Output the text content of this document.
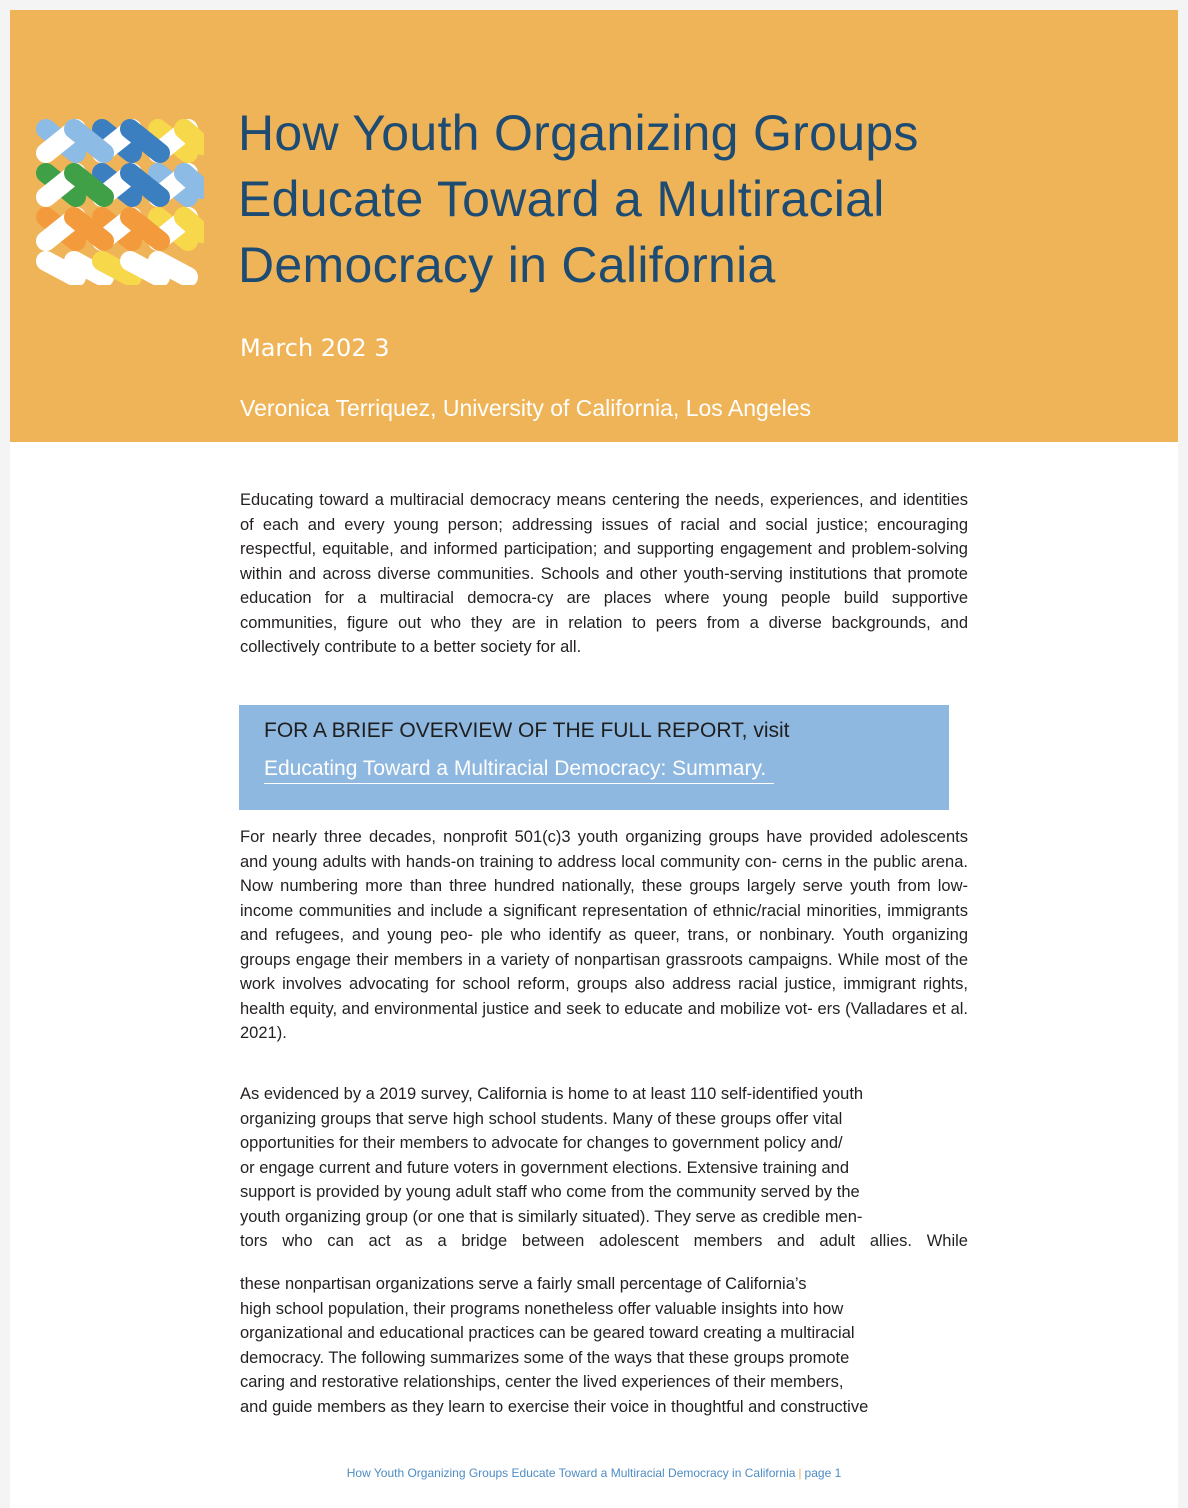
How Youth Organizing Groups
Educate Toward a Multiracial
Democracy in California
March 202 3
Veronica Terriquez, University of California, Los Angeles

Educating toward a multiracial democracy means centering the needs, experiences, and identities of each and every young person; addressing issues of racial and social justice; encouraging respectful, equitable, and informed participation; and supporting engagement and problem-solving within and across diverse communities. Schools and other youth-serving institutions that promote education for a multiracial democra-cy are places where young people build supportive communities, figure out who they are in relation to peers from a diverse backgrounds, and collectively contribute to a better society for all.

FOR A BRIEF OVERVIEW OF THE FULL REPORT, visit
Educating Toward a Multiracial Democracy: Summary.

For nearly three decades, nonprofit 501(c)3 youth organizing groups have provided adolescents and young adults with hands-on training to address local community con- cerns in the public arena. Now numbering more than three hundred nationally, these groups largely serve youth from low-income communities and include a significant representation of ethnic/racial minorities, immigrants and refugees, and young peo- ple who identify as queer, trans, or nonbinary. Youth organizing groups engage their members in a variety of nonpartisan grassroots campaigns. While most of the work involves advocating for school reform, groups also address racial justice, immigrant rights, health equity, and environmental justice and seek to educate and mobilize vot- ers (Valladares et al. 2021).

As evidenced by a 2019 survey, California is home to at least 110 self-identified youth
organizing groups that serve high school students. Many of these groups offer vital
opportunities for their members to advocate for changes to government policy and/
or engage current and future voters in government elections. Extensive training and
support is provided by young adult staff who come from the community served by the
youth organizing group (or one that is similarly situated). They serve as credible men-
tors who can act as a bridge between adolescent members and adult allies. While

these nonpartisan organizations serve a fairly small percentage of California’s
high school population, their programs nonetheless offer valuable insights into how
organizational and educational practices can be geared toward creating a multiracial
democracy. The following summarizes some of the ways that these groups promote
caring and restorative relationships, center the lived experiences of their members,
and guide members as they learn to exercise their voice in thoughtful and constructive

How Youth Organizing Groups Educate Toward a Multiracial Democracy in California | page 1
